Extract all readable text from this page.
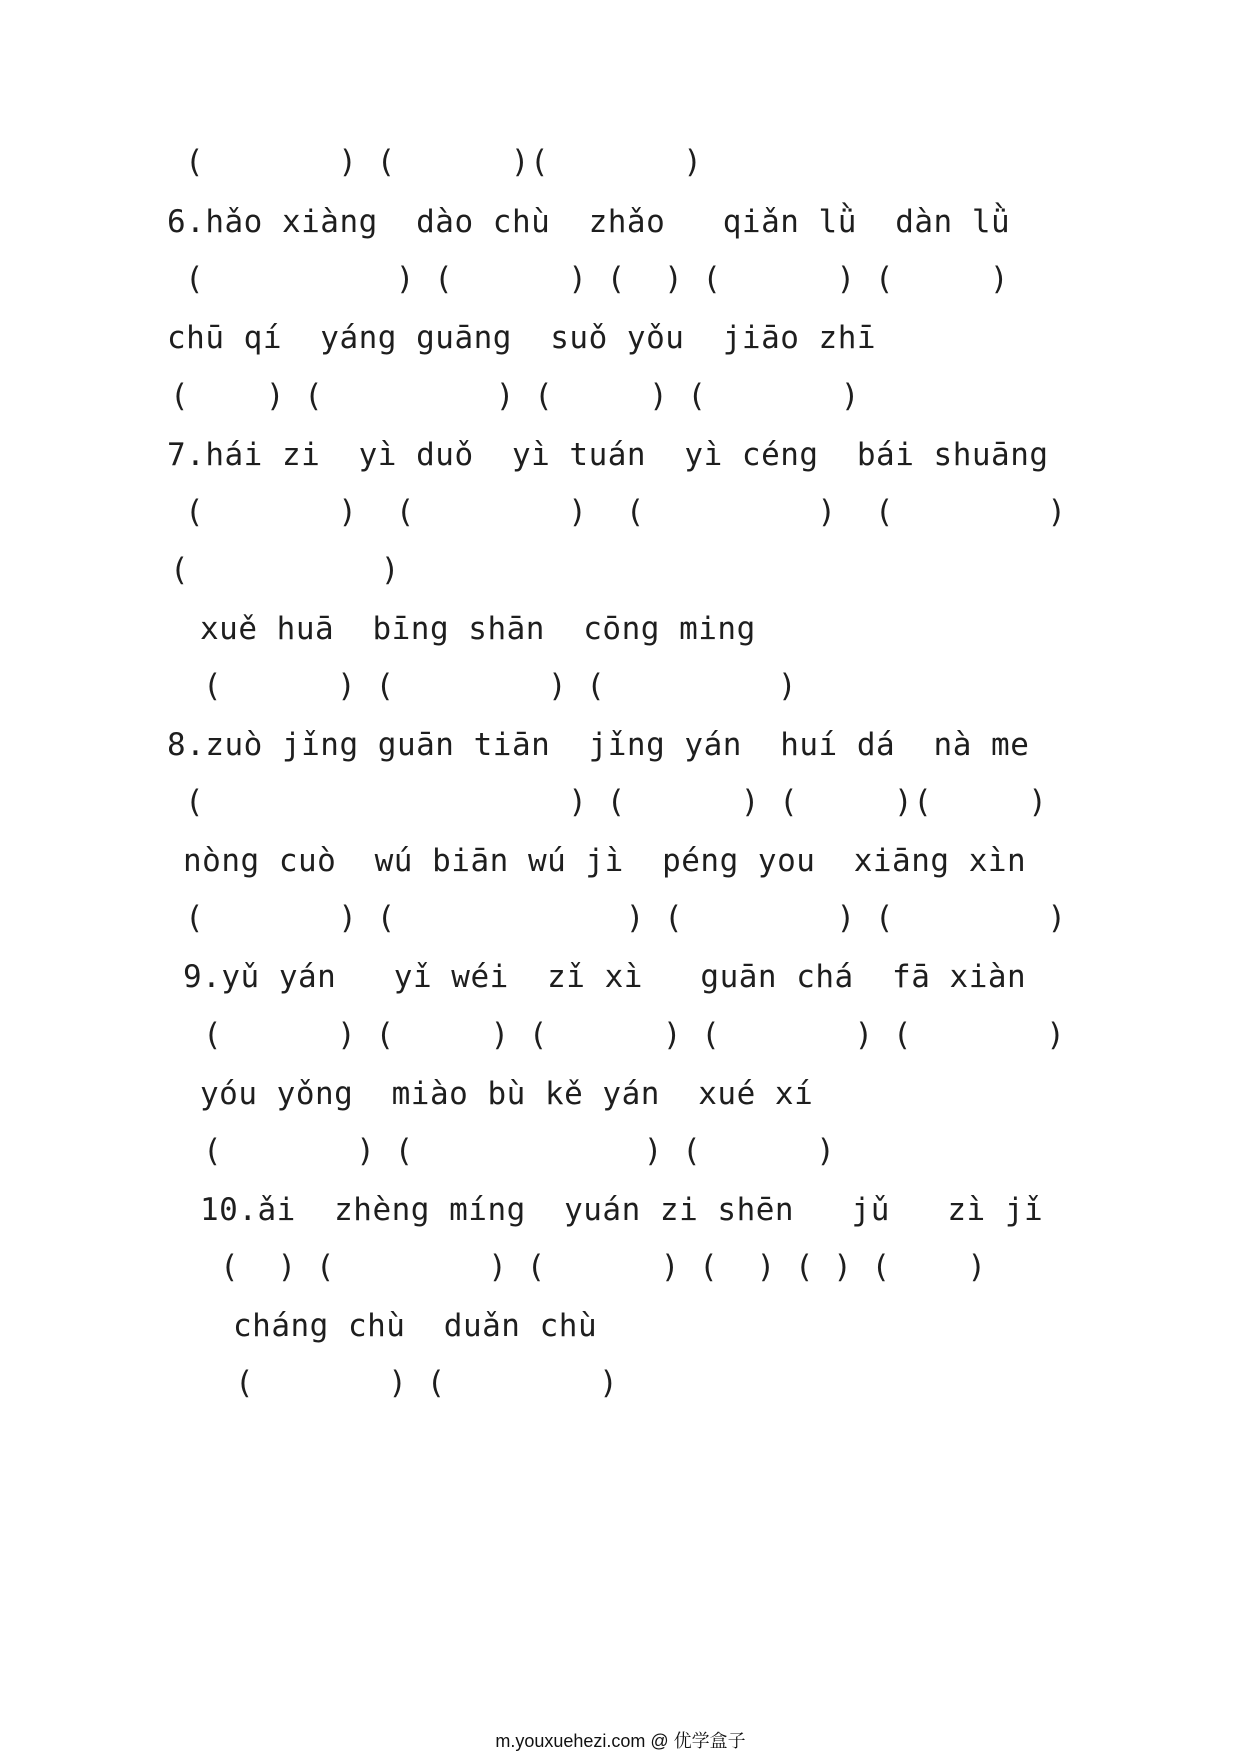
(       ) (      )(       )
6.hǎo xiàng  dào chù  zhǎo   qiǎn lǜ  dàn lǜ
(          ) (      ) (  ) (      ) (     )
chū qí  yáng guāng  suǒ yǒu  jiāo zhī
(    ) (         ) (     ) (       )
7.hái zi  yì duǒ  yì tuán  yì céng  bái shuāng
(       )  (        )  (         )  (        )
(          )
xuě huā  bīng shān  cōng ming
(      ) (        ) (         )
8.zuò jǐng guān tiān  jǐng yán  huí dá  nà me
(                   ) (      ) (     )(     )
nòng cuò  wú biān wú jì  péng you  xiāng xìn
(       ) (            ) (        ) (        )
9.yǔ yán   yǐ wéi  zǐ xì   guān chá  fā xiàn
(      ) (     ) (      ) (       ) (       )
yóu yǒng  miào bù kě yán  xué xí
(       ) (            ) (      )
10.ǎi  zhèng míng  yuán zi shēn   jǔ   zì jǐ
(  ) (        ) (      ) (  ) ( ) (    )
cháng chù  duǎn chù
(       ) (        )
m.youxuehezi.com @ 优学盒子
